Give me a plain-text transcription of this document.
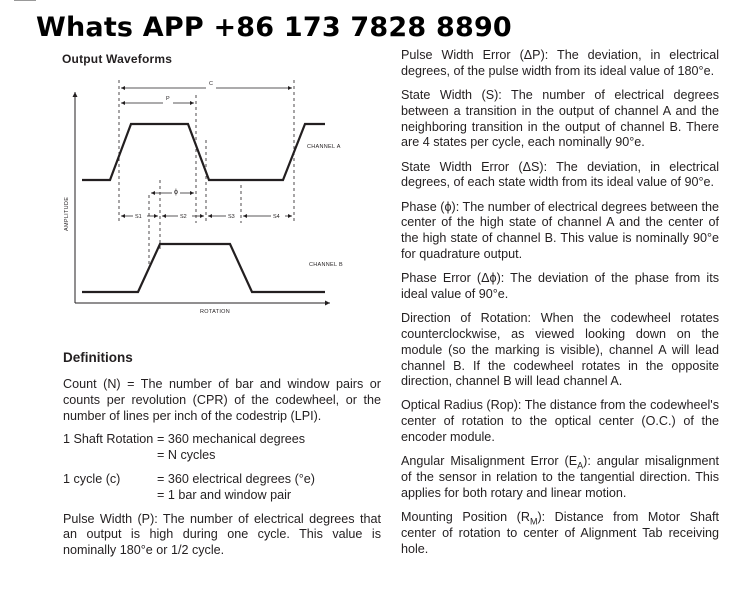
Output Waveforms
C
P
ϕ
S1	S2	S3	S4
CHANNEL A
CHANNEL B
AMPLITUDE
ROTATION
Definitions

Count (N) = The number of bar and window pairs or counts per revolution (CPR) of the codewheel, or the number of lines per inch of the codestrip (LPI).

1 Shaft Rotation = 360 mechanical degrees
= N cycles
1 cycle (c)	= 360 electrical degrees (°e)
= 1 bar and window pair

Pulse Width (P): The number of electrical degrees that an output is high during one cycle. This value is nominally 180°e or 1/2 cycle.

Pulse Width Error (ΔP): The deviation, in electrical degrees, of the pulse width from its ideal value of 180°e.

State Width (S): The number of electrical degrees between a transition in the output of channel A and the neighboring transition in the output of channel B. There are 4 states per cycle, each nominally 90°e.

State Width Error (ΔS): The deviation, in electrical degrees, of each state width from its ideal value of 90°e.

Phase (ϕ): The number of electrical degrees between the center of the high state of channel A and the center of the high state of channel B. This value is nominally 90°e for quadrature output.

Phase Error (Δϕ): The deviation of the phase from its ideal value of 90°e.

Direction of Rotation: When the codewheel rotates counterclockwise, as viewed looking down on the module (so the marking is visible), channel A will lead channel B. If the codewheel rotates in the opposite direction, channel B will lead channel A.

Optical Radius (Rop): The distance from the codewheel's center of rotation to the optical center (O.C.) of the encoder module.

Angular Misalignment Error $(E_A)$: angular misalignment of the sensor in relation to the tangential direction. This applies for both rotary and linear motion.

Mounting Position $(R_M)$: Distance from Motor Shaft center of rotation to center of Alignment Tab receiving hole.

Whats APP +86 173 7828 8890
